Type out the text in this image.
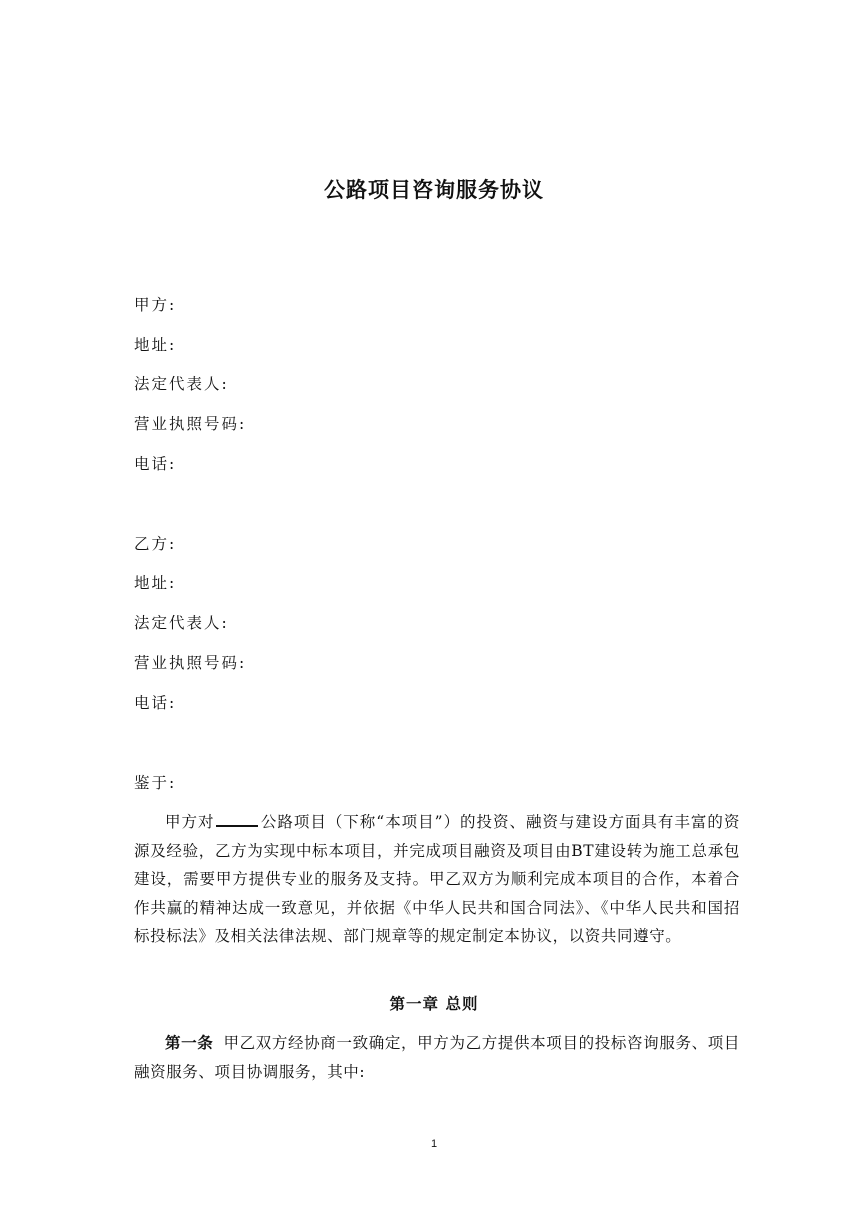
公路项目咨询服务协议
甲方:
地址:
法定代表人:
营业执照号码:
电话:
乙方:
地址:
法定代表人:
营业执照号码:
电话:
鉴于:
甲方对	公路项目（下称“本项目”）的投资、融资与建设方面具有丰富的资源及经验，乙方为实现中标本项目，并完成项目融资及项目由BT建设转为施工总承包建设，需要甲方提供专业的服务及支持。甲乙双方为顺利完成本项目的合作，本着合作共赢的精神达成一致意见，并依据《中华人民共和国合同法》、《中华人民共和国招标投标法》及相关法律法规、部门规章等的规定制定本协议，以资共同遵守。
第一章 总则
第一条 甲乙双方经协商一致确定，甲方为乙方提供本项目的投标咨询服务、项目融资服务、项目协调服务，其中:
1
